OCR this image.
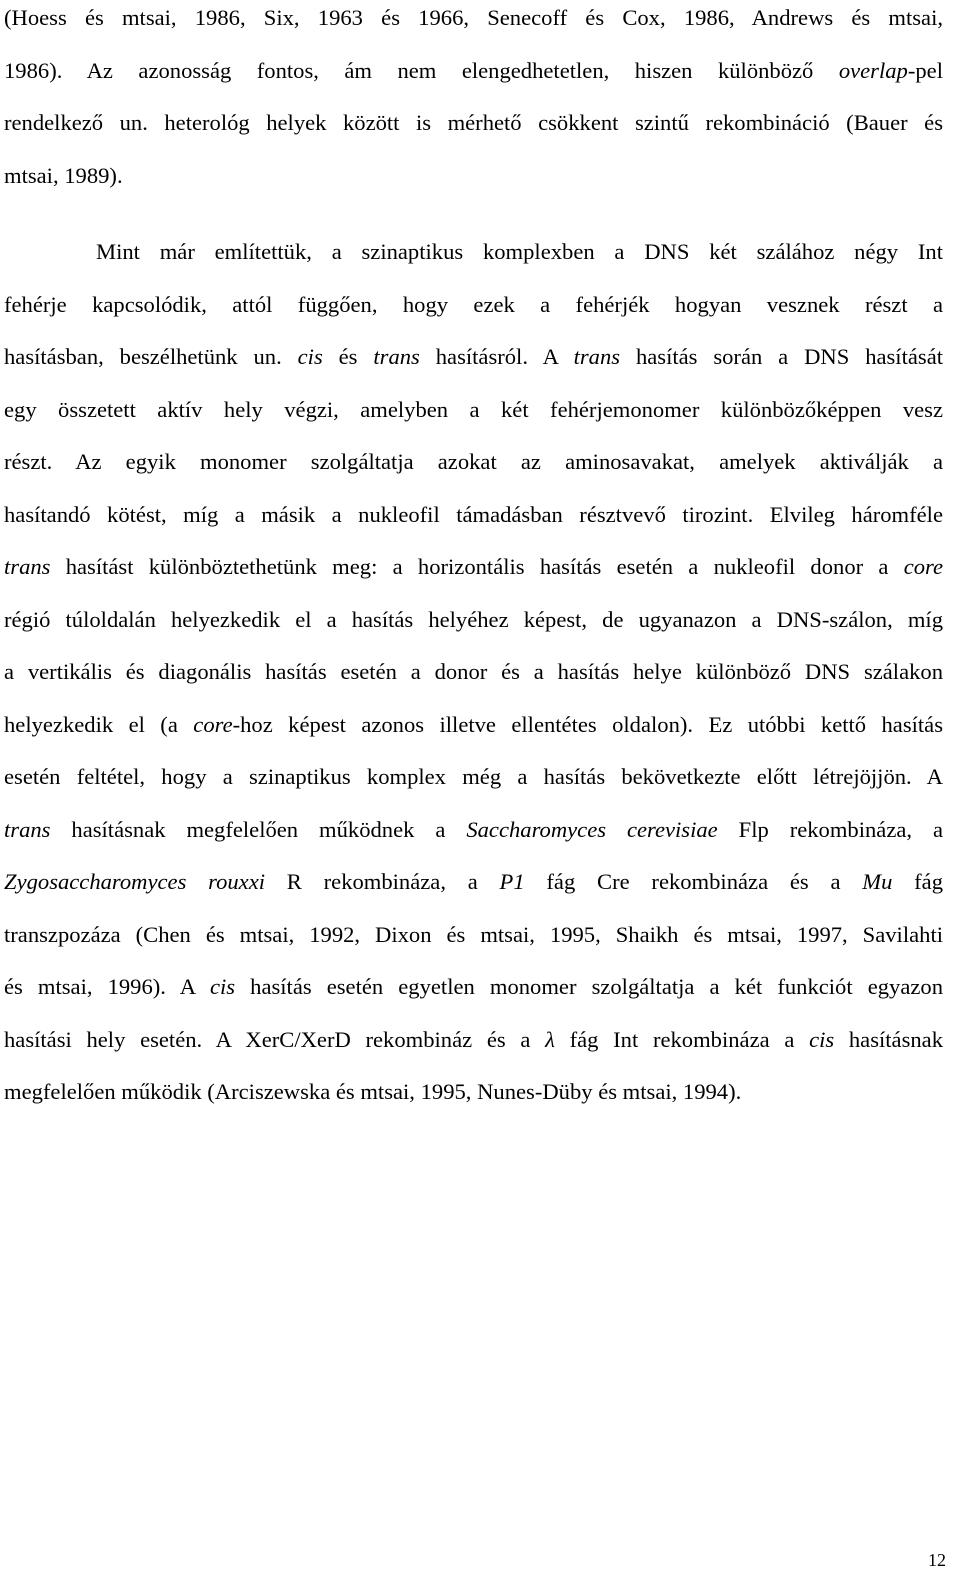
(Hoess és mtsai, 1986, Six, 1963 és 1966, Senecoff és Cox, 1986, Andrews és mtsai,
1986). Az azonosság fontos, ám nem elengedhetetlen, hiszen különböző overlap-pel
rendelkező un. heterológ helyek között is mérhető csökkent szintű rekombináció (Bauer és
mtsai, 1989).
Mint már említettük, a szinaptikus komplexben a DNS két szálához négy Int
fehérje kapcsolódik, attól függően, hogy ezek a fehérjék hogyan vesznek részt a
hasításban, beszélhetünk un. cis és trans hasításról. A trans hasítás során a DNS hasítását
egy összetett aktív hely végzi, amelyben a két fehérjemonomer különbözőképpen vesz
részt. Az egyik monomer szolgáltatja azokat az aminosavakat, amelyek aktiválják a
hasítandó kötést, míg a másik a nukleofil támadásban résztvevő tirozint. Elvileg háromféle
trans hasítást különböztethetünk meg: a horizontális hasítás esetén a nukleofil donor a core
régió túloldalán helyezkedik el a hasítás helyéhez képest, de ugyanazon a DNS-szálon, míg
a vertikális és diagonális hasítás esetén a donor és a hasítás helye különböző DNS szálakon
helyezkedik el (a core-hoz képest azonos illetve ellentétes oldalon). Ez utóbbi kettő hasítás
esetén feltétel, hogy a szinaptikus komplex még a hasítás bekövetkezte előtt létrejöjjön. A
trans hasításnak megfelelően működnek a Saccharomyces cerevisiae Flp rekombináza, a
Zygosaccharomyces rouxxi R rekombináza, a P1 fág Cre rekombináza és a Mu fág
transzpozáza (Chen és mtsai, 1992, Dixon és mtsai, 1995, Shaikh és mtsai, 1997, Savilahti
és mtsai, 1996). A cis hasítás esetén egyetlen monomer szolgáltatja a két funkciót egyazon
hasítási hely esetén. A XerC/XerD rekombináz és a λ fág Int rekombináza a cis hasításnak
megfelelően működik (Arciszewska és mtsai, 1995, Nunes-Düby és mtsai, 1994).
12
